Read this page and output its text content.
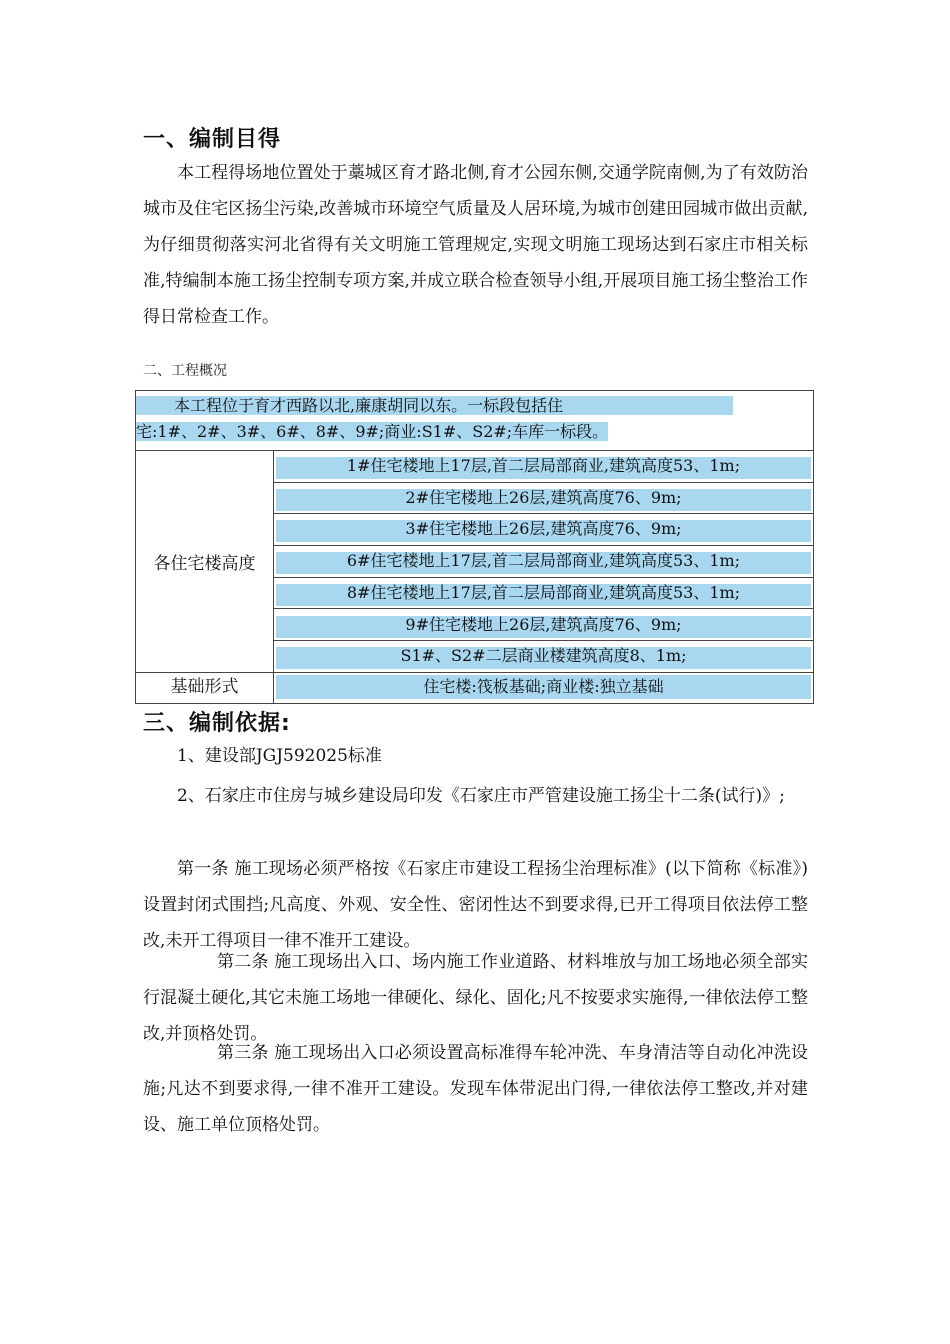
一、编制目得

本工程得场地位置处于藁城区育才路北侧,育才公园东侧,交通学院南侧,为了有效防治城市及住宅区扬尘污染,改善城市环境空气质量及人居环境,为城市创建田园城市做出贡献,为仔细贯彻落实河北省得有关文明施工管理规定,实现文明施工现场达到石家庄市相关标准,特编制本施工扬尘控制专项方案,并成立联合检查领导小组,开展项目施工扬尘整治工作得日常检查工作。

二、工程概况

本工程位于育才西路以北,廉康胡同以东。一标段包括住
宅:1#、2#、3#、6#、8#、9#;商业:S1#、S2#;车库一标段。

各住宅楼高度
1#住宅楼地上17层,首二层局部商业,建筑高度53、1m;
2#住宅楼地上26层,建筑高度76、9m;
3#住宅楼地上26层,建筑高度76、9m;
6#住宅楼地上17层,首二层局部商业,建筑高度53、1m;
8#住宅楼地上17层,首二层局部商业,建筑高度53、1m;
9#住宅楼地上26层,建筑高度76、9m;
S1#、S2#二层商业楼建筑高度8、1m;
基础形式	住宅楼:筏板基础;商业楼:独立基础
三、编制依据:

1、建设部JGJ592025标准

2、石家庄市住房与城乡建设局印发《石家庄市严管建设施工扬尘十二条(试行)》;

第一条 施工现场必须严格按《石家庄市建设工程扬尘治理标准》(以下简称《标准》)设置封闭式围挡;凡高度、外观、安全性、密闭性达不到要求得,已开工得项目依法停工整改,未开工得项目一律不准开工建设。

第二条 施工现场出入口、场内施工作业道路、材料堆放与加工场地必须全部实行混凝土硬化,其它未施工场地一律硬化、绿化、固化;凡不按要求实施得,一律依法停工整改,并顶格处罚。

第三条 施工现场出入口必须设置高标准得车轮冲洗、车身清洁等自动化冲洗设施;凡达不到要求得,一律不准开工建设。发现车体带泥出门得,一律依法停工整改,并对建设、施工单位顶格处罚。
